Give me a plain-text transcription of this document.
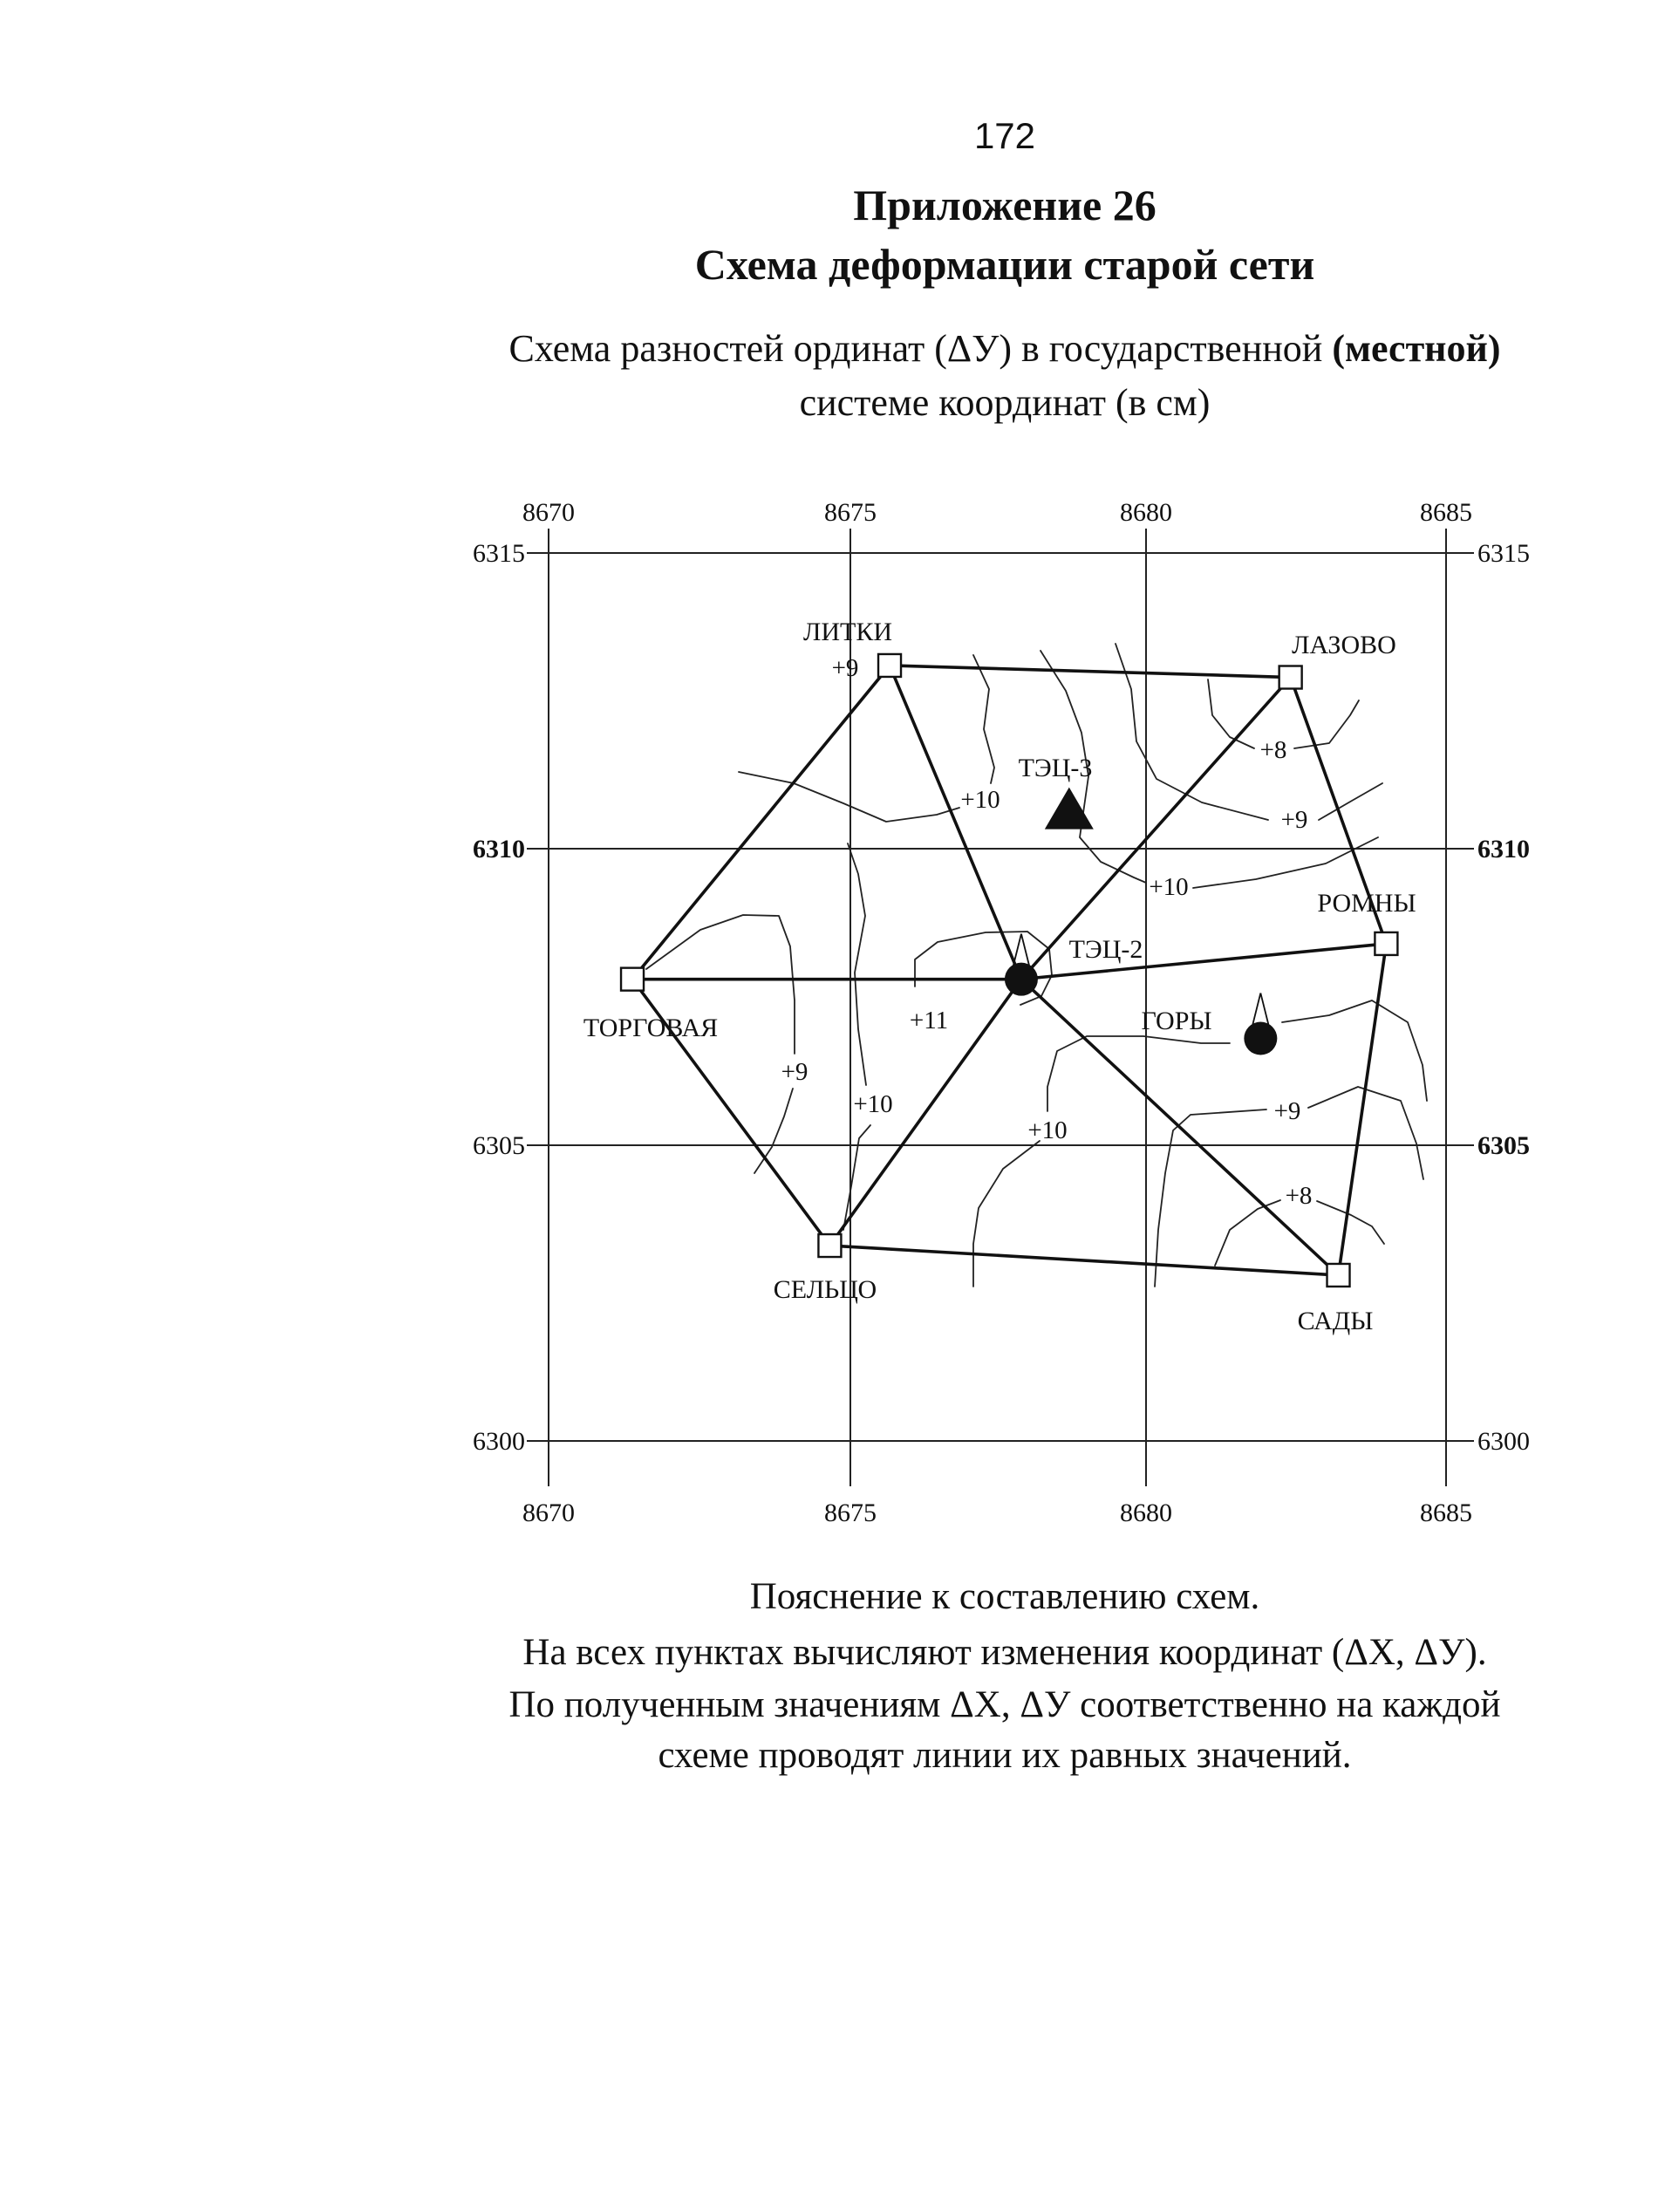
172
Приложение 26
Схема деформации старой сети
Схема разностей ординат (ΔУ) в государственной (местной)
системе координат (в см)
8670	8675	8680	8685
8670	8675	8680	8685
6315
6310
6305
6300
6315
6310
6305
6300
ЛИТКИ	ЛАЗОВО
ТОРГОВАЯ
СЕЛЬЦО
САДЫ
РОМНЫ
ТЭЦ-2
ТЭЦ-3
ГОРЫ
+9
+10
+8
+9
+10
+11
+9
+10
+10
+9
+8
Пояснение к составлению схем.
На всех пунктах вычисляют изменения координат (ΔХ, ΔУ).
По полученным значениям ΔХ, ΔУ соответственно на каждой
схеме проводят линии их равных значений.
